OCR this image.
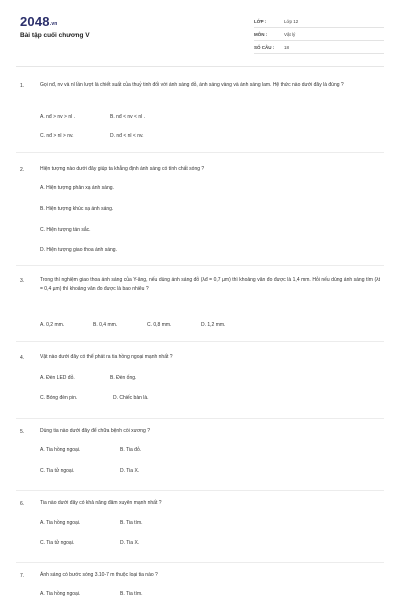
2048.vn
Bài tập cuối chương V
LỚP :	Lớp 12
MÔN :	Vật lý
SỐ CÂU : 18
1.	Gọi nđ, nv và nl lần lượt là chiết suất của thuỷ tinh đối với ánh sáng đỏ, ánh sáng vàng và ánh sáng lam. Hệ thức nào dưới đây là đúng ?
A. nđ > nv > nl .	B. nđ < nv < nl .
C. nđ > nl > nv.	D. nđ < nl < nv.
2.	Hiện tượng nào dưới đây giúp ta khẳng định ánh sáng có tính chất sóng ?
A. Hiện tượng phản xạ ánh sáng.
B. Hiện tượng khúc xạ ánh sáng.
C. Hiện tượng tán sắc.
D. Hiện tượng giao thoa ánh sáng.
3.	Trong thí nghiệm giao thoa ánh sáng của Y-âng, nếu dùng ánh sáng đỏ (λđ = 0,7 µm) thì khoảng vân đo được là 1,4 mm. Hỏi nếu dùng ánh sáng tím (λt = 0,4 µm) thì khoảng vân đo được là bao nhiêu ?
A. 0,2 mm.	B. 0,4 mm.	C. 0,8 mm.	D. 1,2 mm.
4.	Vật nào dưới đây có thể phát ra tia hồng ngoại mạnh nhất ?
A. Đèn LED đỏ.	B. Đèn ống.
C. Bóng đèn pin.	D. Chiếc bàn là.
5.	Dùng tia nào dưới đây để chữa bệnh còi xương ?
A. Tia hồng ngoại.	B. Tia đỏ.
C. Tia tử ngoại.	D. Tia X.
6.	Tia nào dưới đây có khả năng đâm xuyên mạnh nhất ?
A. Tia hồng ngoại.	B. Tia tím.
C. Tia tử ngoại.	D. Tia X.
7.	Ánh sáng có bước sóng 3.10-7 m thuộc loại tia nào ?
A. Tia hồng ngoại.	B. Tia tím.
